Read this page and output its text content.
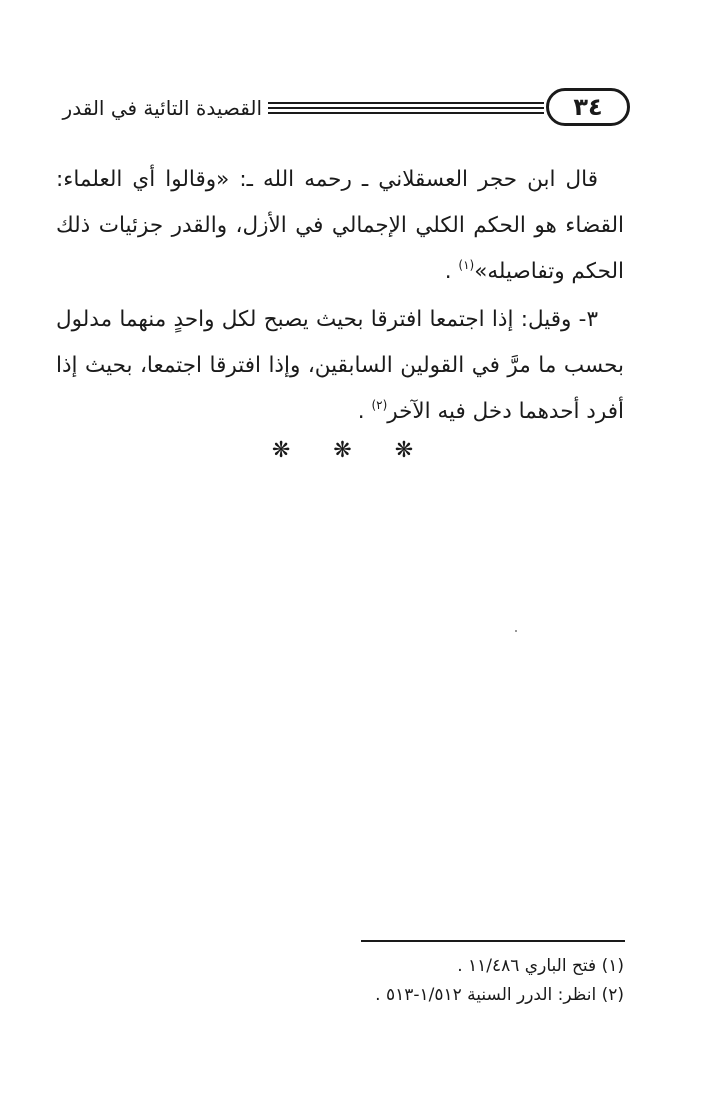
٣٤
القصيدة التائية في القدر

قال ابن حجر العسقلاني ـ رحمه الله ـ: «وقالوا أي العلماء: القضاء هو الحكم الكلي الإجمالي في الأزل، والقدر جزئيات ذلك الحكم وتفاصيله»$^{(١)}$ .

٣- وقيل: إذا اجتمعا افترقا بحيث يصبح لكل واحدٍ منهما مدلول بحسب ما مرَّ في القولين السابقين، وإذا افترقا اجتمعا، بحيث إذا أفرد أحدهما دخل فيه الآخر$^{(٢)}$ .

❋ ❋ ❋

(١) فتح الباري ١١/٤٨٦ .

(٢) انظر: الدرر السنية ١/٥١٢-٥١٣ .
